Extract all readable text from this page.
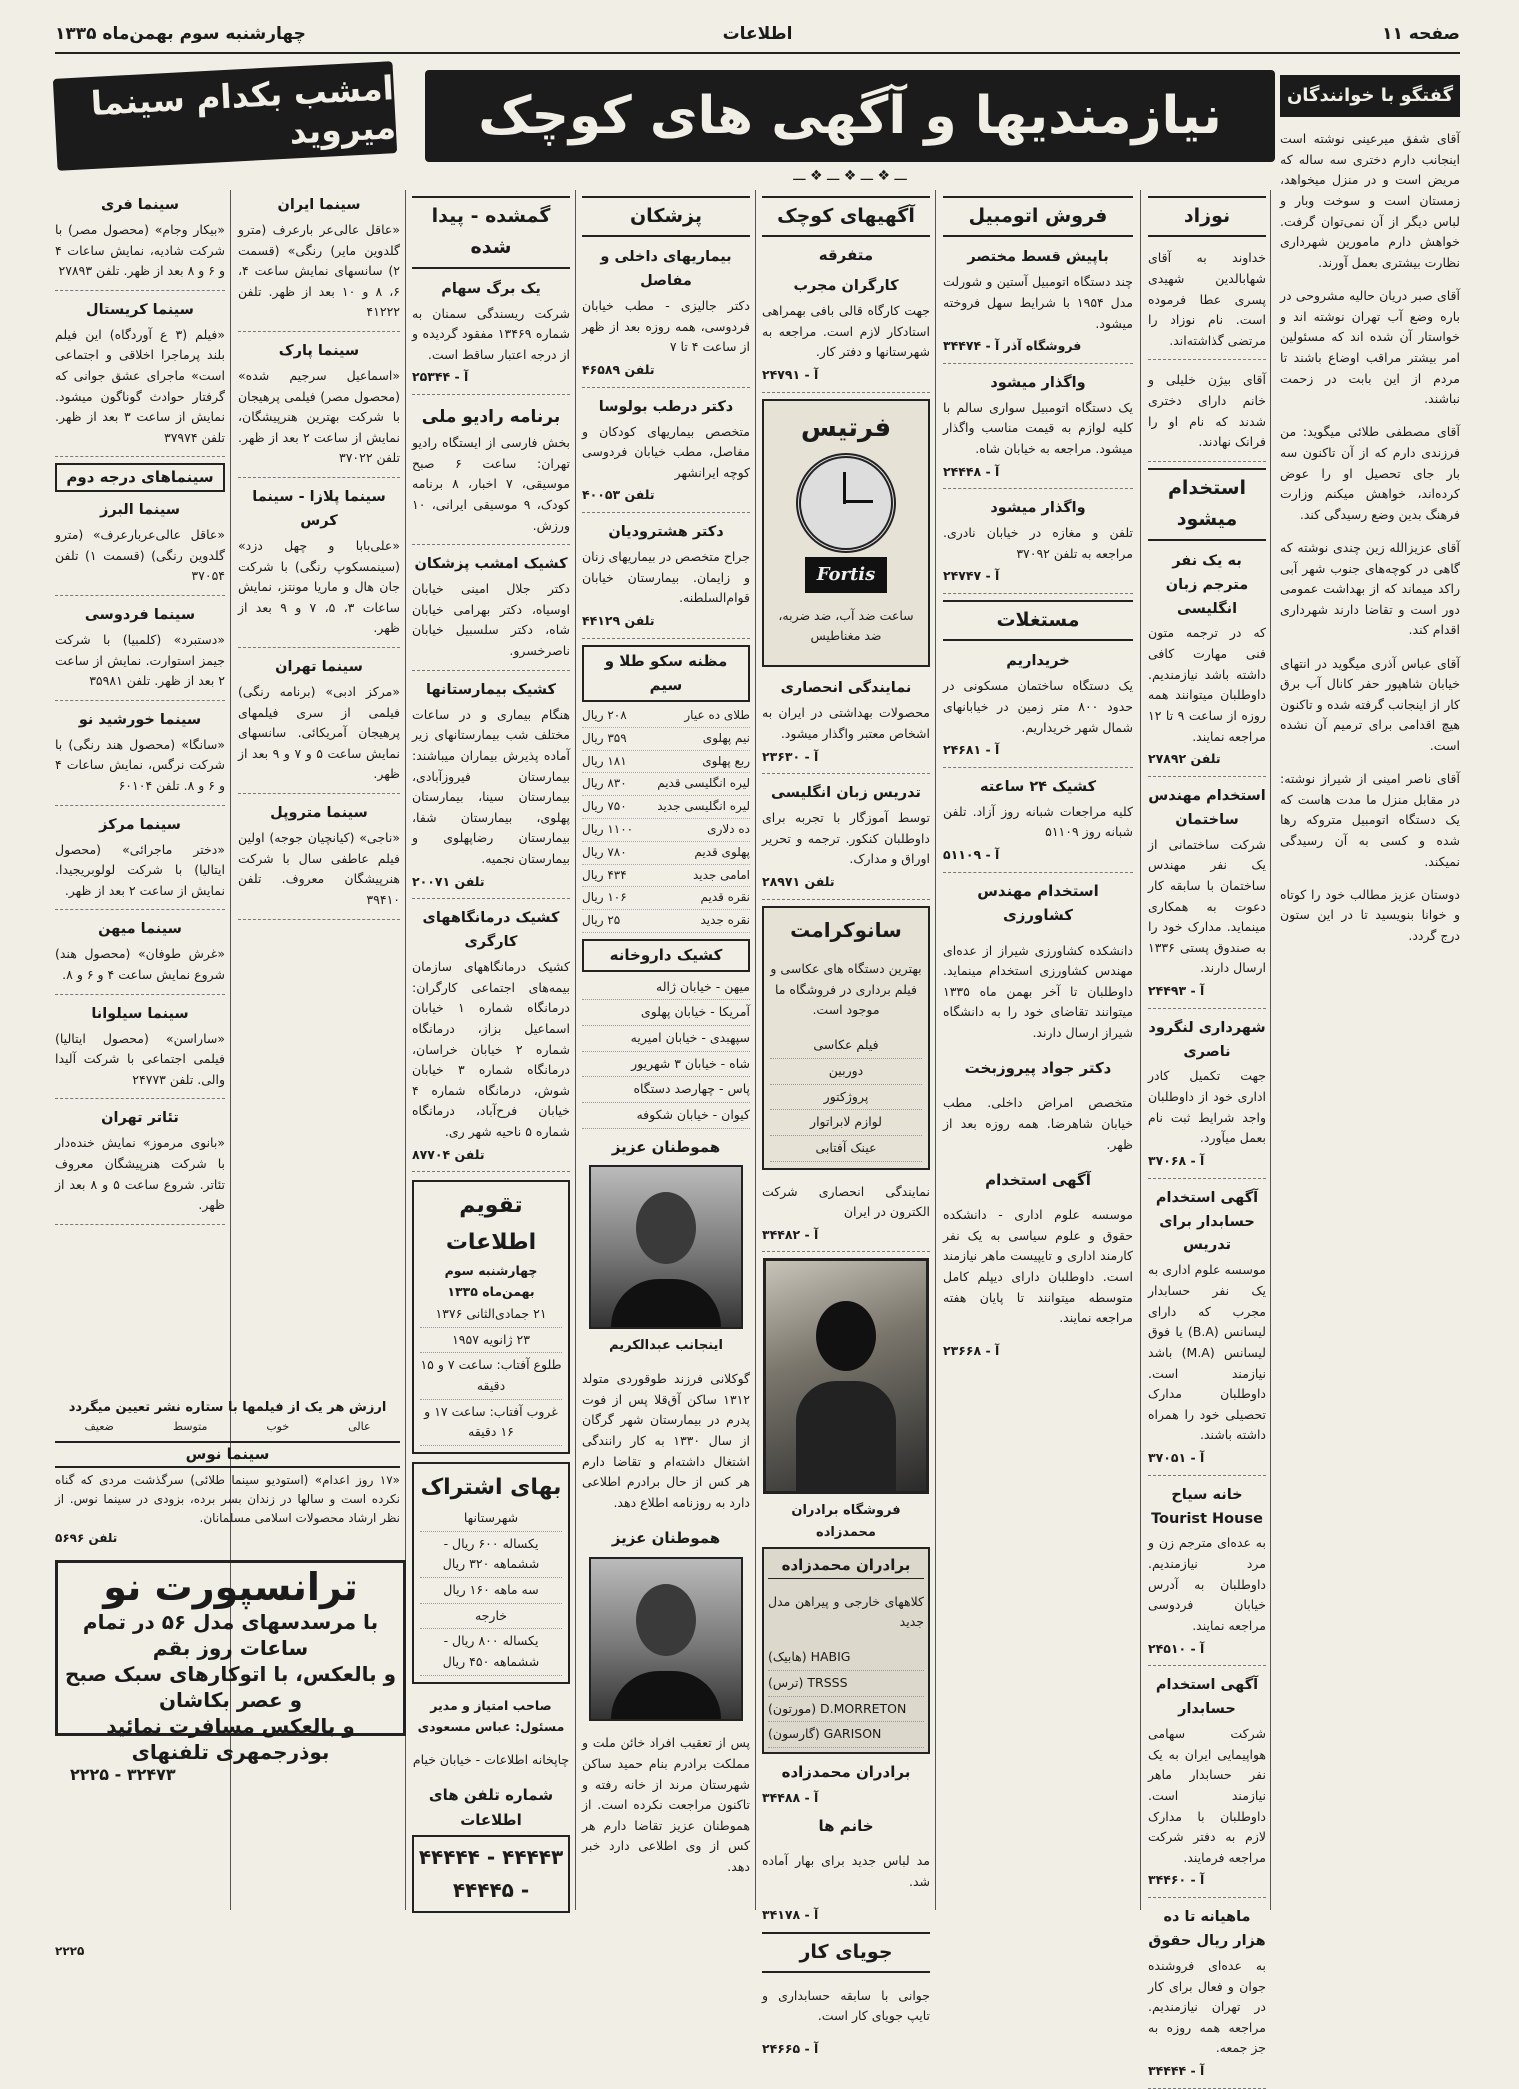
صفحه ۱۱
اطلاعات
چهارشنبه سوم بهمن‌ماه ۱۳۳۵
نیازمندیها و آگهی های کوچک
امشب بکدام سینما میروید
ـــ ❖ ـــ ❖ ـــ ❖ ـــ
گفتگو با خوانندگان

آقای شفق میرعینی نوشته است اینجانب دارم دختری سه ساله که مریض است و در منزل میخواهد، زمستان است و سوخت وبار و لباس دیگر از آن نمی‌توان گرفت. خواهش دارم مامورین شهرداری نظارت بیشتری بعمل آورند.

آقای صبر دریان حالیه مشروحی در باره وضع آب تهران نوشته اند و خواستار آن شده اند که مسئولین امر بیشتر مراقب اوضاع باشند تا مردم از این بابت در زحمت نباشند.

آقای مصطفی طلائی میگوید: من فرزندی دارم که از آن تاکنون سه بار جای تحصیل او را عوض کرده‌اند، خواهش میکنم وزارت فرهنگ بدین وضع رسیدگی کند.

آقای عزیزالله زین چندی نوشته که گاهی در کوچه‌های جنوب شهر آبی راکد میماند که از بهداشت عمومی دور است و تقاضا دارند شهرداری اقدام کند.

آقای عباس آذری میگوید در انتهای خیابان شاهپور حفر کانال آب برق کار از اینجانب گرفته شده و تاکنون هیچ اقدامی برای ترمیم آن نشده است.

آقای ناصر امینی از شیراز نوشته: در مقابل منزل ما مدت هاست که یک دستگاه اتومبیل متروکه رها شده و کسی به آن رسیدگی نمیکند.

دوستان عزیز مطالب خود را کوتاه و خوانا بنویسید تا در این ستون درج گردد.

نوزاد

خداوند به آقای شهابالدین شهیدی پسری عطا فرموده است. نام نوزاد را مرتضی گذاشته‌اند.

آقای بیژن خلیلی و خانم دارای دختری شدند که نام او را فرانک نهادند.

استخدام میشود
به یک نفر مترجم زبان انگلیسی

که در ترجمه متون فنی مهارت کافی داشته باشد نیازمندیم. داوطلبان میتوانند همه روزه از ساعت ۹ تا ۱۲ مراجعه نمایند.

تلفن ۲۷۸۹۲
استخدام مهندس ساختمان

شرکت ساختمانی از یک نفر مهندس ساختمان با سابقه کار دعوت به همکاری مینماید. مدارک خود را به صندوق پستی ۱۳۳۶ ارسال دارند.

آ - ۲۴۴۹۳
شهرداری لنگرود ناصری

جهت تکمیل کادر اداری خود از داوطلبان واجد شرایط ثبت نام بعمل میآورد.

آ - ۳۷۰۶۸
آگهی استخدام حسابدار برای تدریس

موسسه علوم اداری به یک نفر حسابدار مجرب که دارای لیسانس (B.A) یا فوق لیسانس (M.A) باشد نیازمند است. داوطلبان مدارک تحصیلی خود را همراه داشته باشند.

آ - ۳۷۰۵۱
خانه سیاح Tourist House

به عده‌ای مترجم زن و مرد نیازمندیم. داوطلبان به آدرس خیابان فردوسی مراجعه نمایند.

آ - ۲۴۵۱۰
آگهی استخدام حسابدار

شرکت سهامی هواپیمایی ایران به یک نفر حسابدار ماهر نیازمند است. داوطلبان با مدارک لازم به دفتر شرکت مراجعه فرمایند.

آ - ۳۴۴۶۰
ماهیانه تا ده هزار ریال حقوق

به عده‌ای فروشنده جوان و فعال برای کار در تهران نیازمندیم. مراجعه همه روزه به جز جمعه.

آ - ۳۴۴۴۴
فروش اتومبیل
باپیش قسط مختصر

چند دستگاه اتومبیل آستین و شورلت مدل ۱۹۵۴ با شرایط سهل فروخته میشود.

فروشگاه آذر آ - ۳۴۴۷۴
واگذار میشود

یک دستگاه اتومبیل سواری سالم با کلیه لوازم به قیمت مناسب واگذار میشود. مراجعه به خیابان شاه.

آ - ۲۴۴۴۸
واگذار میشود

تلفن و مغازه در خیابان نادری. مراجعه به تلفن ۳۷۰۹۲

آ - ۲۴۷۴۷
مستغلات
خریداریم

یک دستگاه ساختمان مسکونی در حدود ۸۰۰ متر زمین در خیابانهای شمال شهر خریداریم.

آ - ۲۴۶۸۱
کشیک ۲۴ ساعته

کلیه مراجعات شبانه روز آزاد. تلفن شبانه روز ۵۱۱۰۹

آ - ۵۱۱۰۹
استخدام مهندس کشاورزی

دانشکده کشاورزی شیراز از عده‌ای مهندس کشاورزی استخدام مینماید. داوطلبان تا آخر بهمن ماه ۱۳۳۵ میتوانند تقاضای خود را به دانشگاه شیراز ارسال دارند.

دکتر جواد پیروزبخت

متخصص امراض داخلی. مطب خیابان شاهرضا. همه روزه بعد از ظهر.

آگهی استخدام

موسسه علوم اداری - دانشکده حقوق و علوم سیاسی به یک نفر کارمند اداری و تایپیست ماهر نیازمند است. داوطلبان دارای دیپلم کامل متوسطه میتوانند تا پایان هفته مراجعه نمایند.

آ - ۲۳۶۶۸
آگهیهای کوچک
متفرقه
کارگران مجرب

جهت کارگاه قالی بافی بهمراهی استادکار لازم است. مراجعه به شهرستانها و دفتر کار.

آ - ۲۴۷۹۱
فرتیس
Fortis

ساعت ضد آب، ضد ضربه، ضد مغناطیس

نمایندگی انحصاری

محصولات بهداشتی در ایران به اشخاص معتبر واگذار میشود.

آ - ۲۳۶۳۰
تدریس زبان انگلیسی

توسط آموزگار با تجربه برای داوطلبان کنکور. ترجمه و تحریر اوراق و مدارک.

تلفن ۲۸۹۷۱
سانوکرامت

بهترین دستگاه های عکاسی و فیلم برداری در فروشگاه ما موجود است.

فیلم عکاسی
دوربین
پروژکتور
لوازم لابراتوار
عینک آفتابی

نمایندگی انحصاری شرکت الکترون در ایران

آ - ۳۴۴۸۲
فروشگاه برادران محمدزاده
برادران محمدزاده

کلاههای خارجی و پیراهن مدل جدید

(هابیک) HABIG
(ترس) TRSSS
(مورتون) D.MORRETON
(گارسون) GARISON
برادران محمدزاده
آ - ۳۴۴۸۸
خانم ها

مد لباس جدید برای بهار آماده شد.

آ - ۳۴۱۷۸
جویای کار

جوانی با سابقه حسابداری و تایپ جویای کار است.

آ - ۲۴۶۶۵
پزشکان
بیماریهای داخلی و مفاصل

دکتر جالیزی - مطب خیابان فردوسی، همه روزه بعد از ظهر از ساعت ۴ تا ۷

تلفن ۴۶۵۸۹
دکتر درطب بولوسا

متخصص بیماریهای کودکان و مفاصل، مطب خیابان فردوسی کوچه ایرانشهر

تلفن ۴۰۰۵۳
دکتر هشترودیان

جراح متخصص در بیماریهای زنان و زایمان. بیمارستان خیابان قوام‌السلطنه.

تلفن ۴۴۱۲۹
مظنه سکو طلا و سیم
طلای ده عیار
۲۰۸ ریال
نیم پهلوی
۳۵۹ ریال
ربع پهلوی
۱۸۱ ریال
لیره انگلیسی قدیم
۸۳۰ ریال
لیره انگلیسی جدید
۷۵۰ ریال
ده دلاری
۱۱۰۰ ریال
پهلوی قدیم
۷۸۰ ریال
امامی جدید
۴۳۴ ریال
نقره قدیم
۱۰۶ ریال
نقره جدید
۲۵ ریال
کشیک داروخانه
میهن - خیابان ژاله
آمریکا - خیابان پهلوی
سپهبدی - خیابان امیریه
شاه - خیابان ۳ شهریور
پاس - چهارصد دستگاه
کیوان - خیابان شکوفه
هموطنان عزیز
اینجانب عبدالکریم

گوکلانی فرزند طوقوردی متولد ۱۳۱۲ ساکن آق‌قلا پس از فوت پدرم در بیمارستان شهر گرگان از سال ۱۳۳۰ به کار رانندگی اشتغال داشته‌ام و تقاضا دارم هر کس از حال برادرم اطلاعی دارد به روزنامه اطلاع دهد.

هموطنان عزیز

پس از تعقیب افراد خائن ملت و مملکت برادرم بنام حمید ساکن شهرستان مرند از خانه رفته و تاکنون مراجعت نکرده است. از هموطنان عزیز تقاضا دارم هر کس از وی اطلاعی دارد خبر دهد.

گمشده - پیدا شده
یک برگ سهام

شرکت ریسندگی سمنان به شماره ۱۳۴۶۹ مفقود گردیده و از درجه اعتبار ساقط است.

آ - ۲۵۳۴۴
برنامه رادیو ملی

بخش فارسی از ایستگاه رادیو تهران: ساعت ۶ صبح موسیقی، ۷ اخبار، ۸ برنامه کودک، ۹ موسیقی ایرانی، ۱۰ ورزش.

کشیک امشب پزشکان

دکتر جلال امینی خیابان اوسیاه، دکتر بهرامی خیابان شاه، دکتر سلسبیل خیابان ناصرخسرو.

کشیک بیمارستانها

هنگام بیماری و در ساعات مختلف شب بیمارستانهای زیر آماده پذیرش بیماران میباشند: بیمارستان فیروزآبادی، بیمارستان سینا، بیمارستان پهلوی، بیمارستان شفا، بیمارستان رضاپهلوی و بیمارستان نجمیه.

تلفن ۲۰۰۷۱
کشیک درمانگاههای کارگری

کشیک درمانگاههای سازمان بیمه‌های اجتماعی کارگران: درمانگاه شماره ۱ خیابان اسماعیل بزاز، درمانگاه شماره ۲ خیابان خراسان، درمانگاه شماره ۳ خیابان شوش، درمانگاه شماره ۴ خیابان فرح‌آباد، درمانگاه شماره ۵ ناحیه شهر ری.

تلفن ۸۷۷۰۴
تقویم اطلاعات
چهارشنبه سوم بهمن‌ماه ۱۳۳۵
۲۱ جمادی‌الثانی ۱۳۷۶
۲۳ ژانویه ۱۹۵۷
طلوع آفتاب: ساعت ۷ و ۱۵ دقیقه
غروب آفتاب: ساعت ۱۷ و ۱۶ دقیقه
بهای اشتراک
شهرستانها
یکساله ۶۰۰ ریال - ششماهه ۳۲۰ ریال
سه ماهه ۱۶۰ ریال
خارجه
یکساله ۸۰۰ ریال - ششماهه ۴۵۰ ریال

صاحب امتیاز و مدیر مسئول: عباس مسعودی

چاپخانه اطلاعات - خیابان خیام

شماره تلفن های اطلاعات
۴۴۴۴۳ - ۴۴۴۴۴ - ۴۴۴۴۵
سینما ایران

«عاقل عالی‌عر بارعرف (مترو گلدوین مایر) رنگی» (قسمت ۲) سانسهای نمایش ساعت ۴، ۶، ۸ و ۱۰ بعد از ظهر. تلفن ۴۱۲۲۲

سینما پارک

«اسماعیل سرجیم شده» (محصول مصر) فیلمی پرهیجان با شرکت بهترین هنرپیشگان، نمایش از ساعت ۲ بعد از ظهر. تلفن ۳۷۰۲۲

سینما پلازا - سینما کرس

«علی‌بابا و چهل دزد» (سینمسکوپ رنگی) با شرکت جان هال و ماریا مونتز، نمایش ساعات ۳، ۵، ۷ و ۹ بعد از ظهر.

سینما تهران

«مرکز ادبی» (برنامه رنگی) فیلمی از سری فیلمهای پرهیجان آمریکائی. سانسهای نمایش ساعت ۵ و ۷ و ۹ بعد از ظهر.

سینما متروپل

«ناجی» (کیانچیان جوجه) اولین فیلم عاطفی سال با شرکت هنرپیشگان معروف. تلفن ۳۹۴۱۰

سینما فری

«بیکار وجام» (محصول مصر) با شرکت شادیه، نمایش ساعات ۴ و ۶ و ۸ بعد از ظهر. تلفن ۲۷۸۹۳

سینما کریستال

«فیلم (۳ ع آوردگاه) این فیلم بلند پرماجرا اخلاقی و اجتماعی است» ماجرای عشق جوانی که گرفتار حوادث گوناگون میشود. نمایش از ساعت ۳ بعد از ظهر. تلفن ۳۷۹۷۴

سینماهای درجه دوم
سینما البرز

«عاقل عالی‌عربارعرف» (مترو گلدوین رنگی) (قسمت ۱) تلفن ۳۷۰۵۴

سینما فردوسی

«دستبرد» (کلمبیا) با شرکت جیمز استوارت. نمایش از ساعت ۲ بعد از ظهر. تلفن ۳۵۹۸۱

سینما خورشید نو

«سانگا» (محصول هند رنگی) با شرکت نرگس، نمایش ساعات ۴ و ۶ و ۸. تلفن ۶۰۱۰۴

سینما مرکز

«دختر ماجرائی» (محصول ایتالیا) با شرکت لولوبریجیدا. نمایش از ساعت ۲ بعد از ظهر.

سینما میهن

«غرش طوفان» (محصول هند) شروع نمایش ساعت ۴ و ۶ و ۸.

سینما سیلوانا

«ساراسن» (محصول ایتالیا) فیلمی اجتماعی با شرکت آلیدا والی. تلفن ۲۴۷۷۳

تئاتر تهران

«بانوی مرموز» نمایش خنده‌دار با شرکت هنرپیشگان معروف تئاتر. شروع ساعت ۵ و ۸ بعد از ظهر.

ارزش هر یک از فیلمها با ستاره نشر تعیین میگردد
عالی
خوب
متوسط
ضعیف
سینما نوس

«۱۷ روز اعدام» (استودیو سینما طلائی) سرگذشت مردی که گناه نکرده است و سالها در زندان بسر برده، بزودی در سینما نوس. از نظر ارشاد محصولات اسلامی مسلمانان.

تلفن ۵۶۹۶
ترانسپورت نو
با مرسدسهای مدل ۵۶ در تمام ساعات روز بقم
و بالعکس، با اتوکارهای سبک صبح و عصر بکاشان
و بالعکس مسافرت نمائید بوذرجمهری تلفنهای
۳۲۴۷۳ - ۲۲۲۵
۲۲۲۵
